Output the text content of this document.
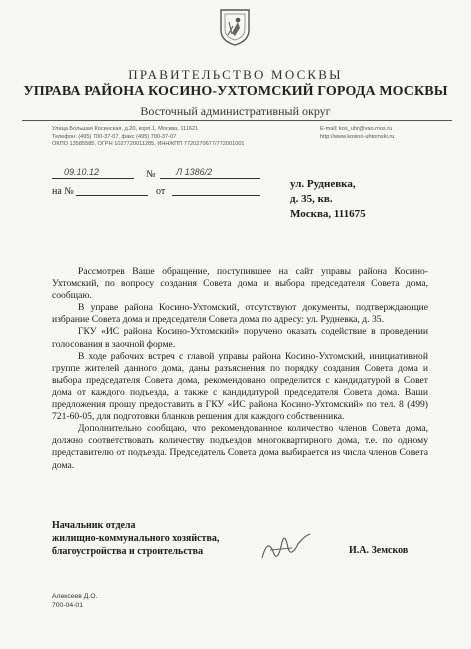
ПРАВИТЕЛЬСТВО МОСКВЫ
УПРАВА РАЙОНА КОСИНО-УХТОМСКИЙ ГОРОДА МОСКВЫ
Восточный административный округ
Улица Большая Косинская, д.20, корп.1, Москва, 111621
Телефон: (495) 700-37-07, факс (495) 700-37-07
ОКПО 13585585, ОГРН 1027720011285, ИНН/КПП 7720270677/772001001
E-mail: kos_uhr@vao.mos.ru
http://www.kosino-uhtomski.ru
09.10.12	№ Л 1386/2
на №	от
ул. Рудневка,
д. 35, кв.
Москва, 111675

Рассмотрев Ваше обращение, поступившее на сайт управы района Косино-Ухтомский, по вопросу создания Совета дома и выбора председателя Совета дома, сообщаю.

В управе района Косино-Ухтомский, отсутствуют документы, подтверждающие избрание Совета дома и председателя Совета дома по адресу: ул. Рудневка, д. 35.

ГКУ «ИС района Косино-Ухтомский» поручено оказать содействие в проведении голосования в заочной форме.

В ходе рабочих встреч с главой управы района Косино-Ухтомский, инициативной группе жителей данного дома, даны разъяснения по порядку создания Совета дома и выбора председателя Совета дома, рекомендовано определится с кандидатурой в Совет дома от каждого подъезда, а также с кандидатурой председателя Совета дома. Ваши предложения прошу предоставить в ГКУ «ИС района Косино-Ухтомский» по тел. 8 (499) 721-60-05, для подготовки бланков решения для каждого собственника.

Дополнительно сообщаю, что рекомендованное количество членов Совета дома, должно соответствовать количеству подъездов многоквартирного дома, т.е. по одному представителю от подъезда. Председатель Совета дома выбирается из числа членов Совета дома.

Начальник отдела
жилищно-коммунального хозяйства,
благоустройства и строительства	И.А. Земсков
Алексеев Д.О.
700-04-01
